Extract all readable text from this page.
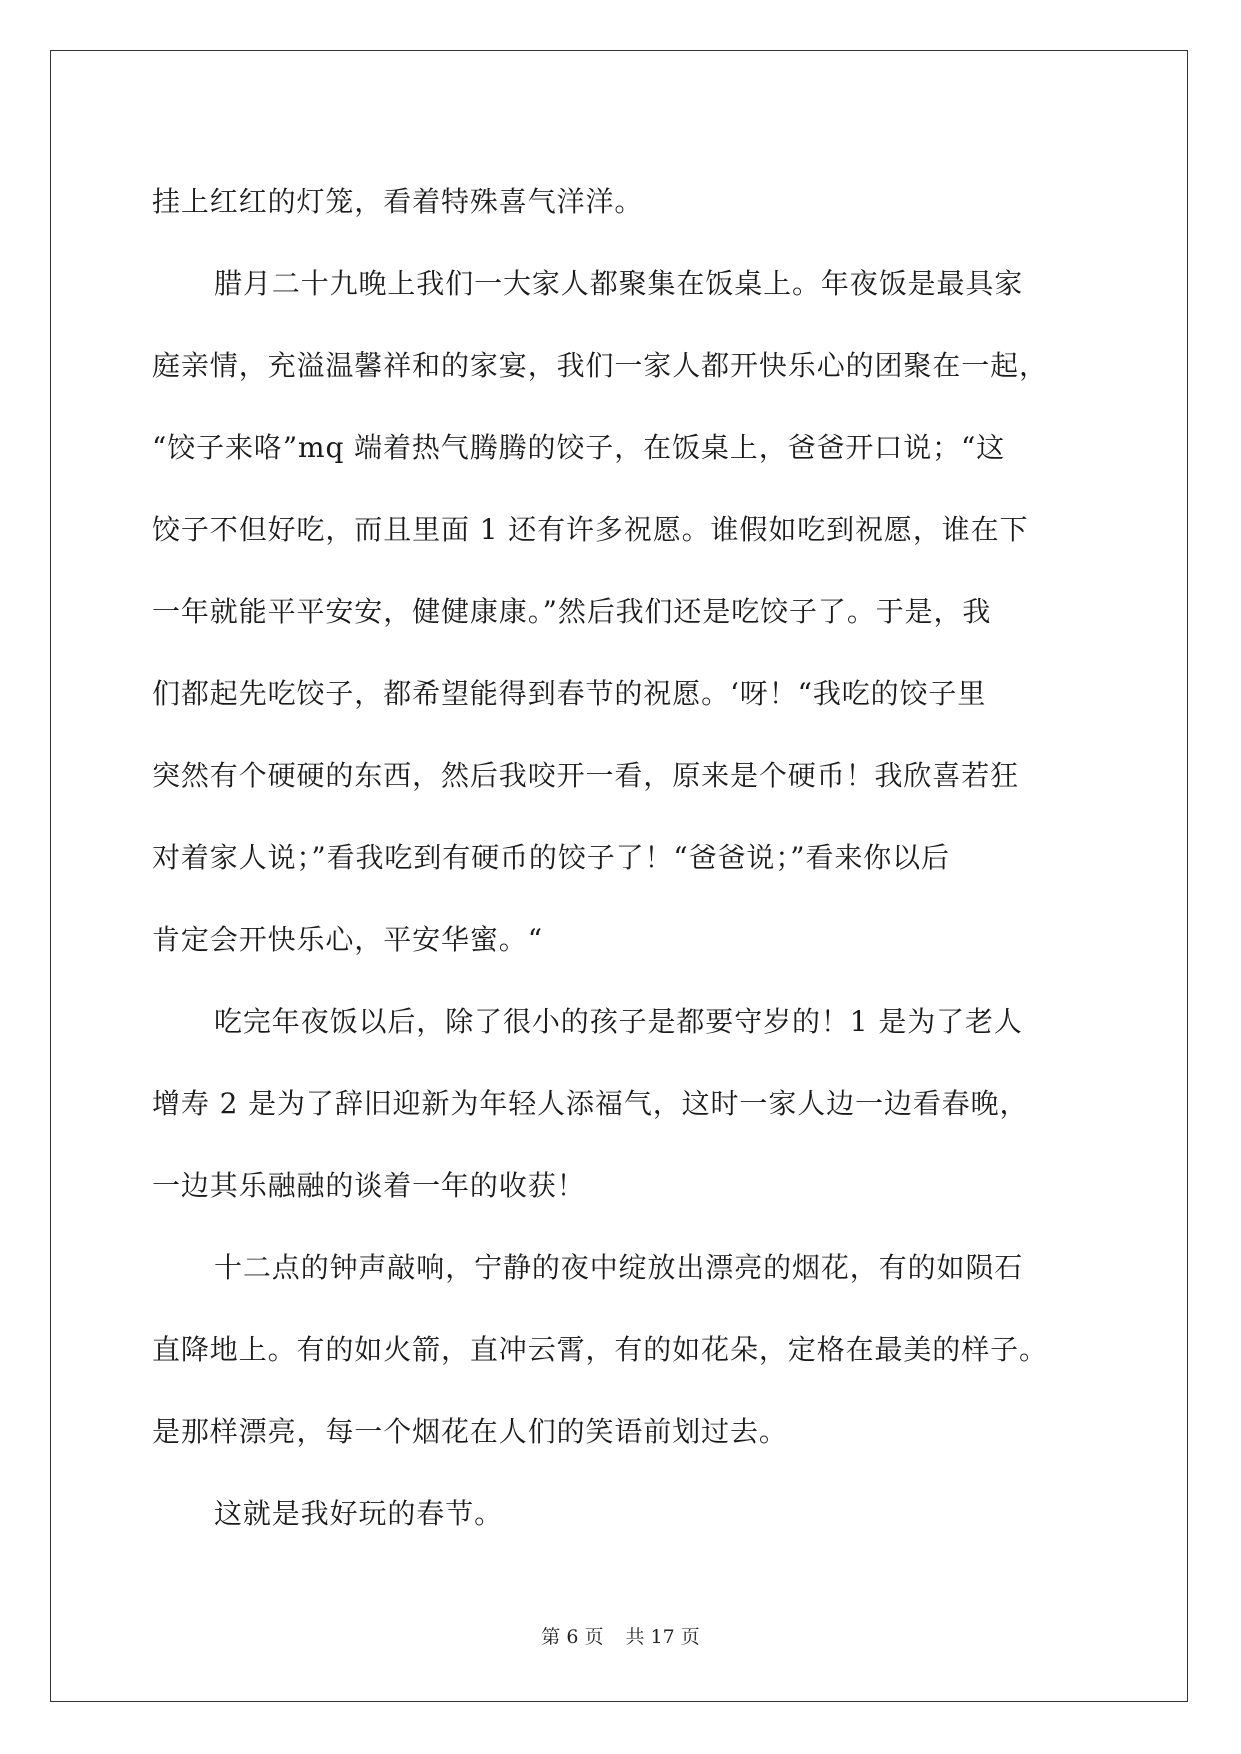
挂上红红的灯笼，看着特殊喜气洋洋。
腊月二十九晚上我们一大家人都聚集在饭桌上。年夜饭是最具家
庭亲情，充溢温馨祥和的家宴，我们一家人都开快乐心的团聚在一起，
“饺子来咯”mq 端着热气腾腾的饺子，在饭桌上，爸爸开口说；“这
饺子不但好吃，而且里面 1 还有许多祝愿。谁假如吃到祝愿，谁在下
一年就能平平安安，健健康康。”然后我们还是吃饺子了。于是，我
们都起先吃饺子，都希望能得到春节的祝愿。‘呀！“我吃的饺子里
突然有个硬硬的东西，然后我咬开一看，原来是个硬币！我欣喜若狂
对着家人说；”看我吃到有硬币的饺子了！“爸爸说；”看来你以后
肯定会开快乐心，平安华蜜。“
吃完年夜饭以后，除了很小的孩子是都要守岁的！1 是为了老人
增寿 2 是为了辞旧迎新为年轻人添福气，这时一家人边一边看春晚，
一边其乐融融的谈着一年的收获！
十二点的钟声敲响，宁静的夜中绽放出漂亮的烟花，有的如陨石
直降地上。有的如火箭，直冲云霄，有的如花朵，定格在最美的样子。
是那样漂亮，每一个烟花在人们的笑语前划过去。
这就是我好玩的春节。
第 6 页 共 17 页
